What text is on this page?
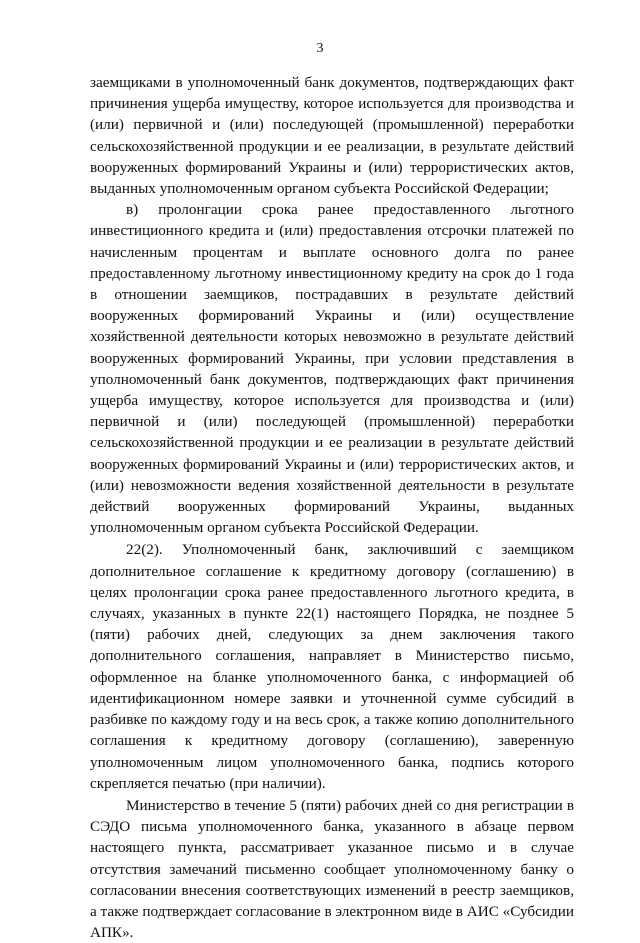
3

заемщиками в уполномоченный банк документов, подтверждающих факт причинения ущерба имуществу, которое используется для производства и (или) первичной и (или) последующей (промышленной) переработки сельскохозяйственной продукции и ее реализации, в результате действий вооруженных формирований Украины и (или) террористических актов, выданных уполномоченным органом субъекта Российской Федерации;

в) пролонгации срока ранее предоставленного льготного инвестиционного кредита и (или) предоставления отсрочки платежей по начисленным процентам и выплате основного долга по ранее предоставленному льготному инвестиционному кредиту на срок до 1 года в отношении заемщиков, пострадавших в результате действий вооруженных формирований Украины и (или) осуществление хозяйственной деятельности которых невозможно в результате действий вооруженных формирований Украины, при условии представления в уполномоченный банк документов, подтверждающих факт причинения ущерба имуществу, которое используется для производства и (или) первичной и (или) последующей (промышленной) переработки сельскохозяйственной продукции и ее реализации в результате действий вооруженных формирований Украины и (или) террористических актов, и (или) невозможности ведения хозяйственной деятельности в результате действий вооруженных формирований Украины, выданных уполномоченным органом субъекта Российской Федерации.

22(2). Уполномоченный банк, заключивший с заемщиком дополнительное соглашение к кредитному договору (соглашению) в целях пролонгации срока ранее предоставленного льготного кредита, в случаях, указанных в пункте 22(1) настоящего Порядка, не позднее 5 (пяти) рабочих дней, следующих за днем заключения такого дополнительного соглашения, направляет в Министерство письмо, оформленное на бланке уполномоченного банка, с информацией об идентификационном номере заявки и уточненной сумме субсидий в разбивке по каждому году и на весь срок, а также копию дополнительного соглашения к кредитному договору (соглашению), заверенную уполномоченным лицом уполномоченного банка, подпись которого скрепляется печатью (при наличии).

Министерство в течение 5 (пяти) рабочих дней со дня регистрации в СЭДО письма уполномоченного банка, указанного в абзаце первом настоящего пункта, рассматривает указанное письмо и в случае отсутствия замечаний письменно сообщает уполномоченному банку о согласовании внесения соответствующих изменений в реестр заемщиков, а также подтверждает согласование в электронном виде в АИС «Субсидии АПК».
